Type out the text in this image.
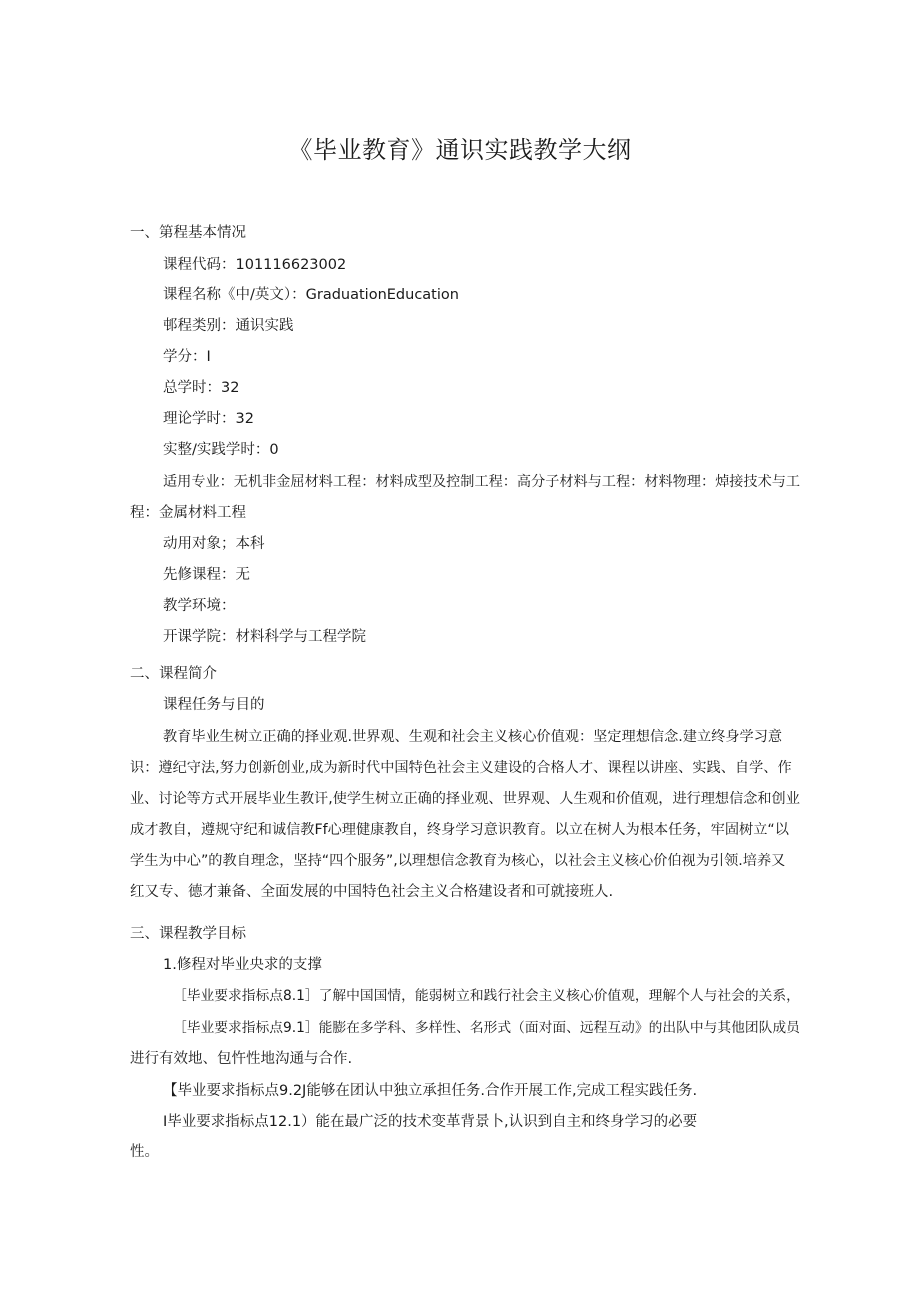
《毕业教育》通识实践教学大纲
一、第程基本情况
课程代码：101116623002
课程名称《中/英文）：GraduationEducation
邨程类别：通识实践
学分：I
总学时：32
理论学时：32
实整/实践学时：0
适用专业：无机非金屈材料工程：材料成型及控制工程：高分子材料与工程：材料物理：焯接技术与工
程：金属材料工程
动用对象；本科
先修课程：无
教学环境：
开课学院：材料科学与工程学院
二、课程简介
课程任务与目的
教育毕业生树立正确的择业观.世界观、生观和社会主义核心价值观：坚定理想信念.建立终身学习意
识：遵纪守法,努力创新创业,成为新时代中国特色社会主义建设的合格人才、课程以讲座、实践、自学、作
业、讨论等方式开展毕业生教讦,使学生树立正确的择业观、世界观、人生观和价值观，进行理想信念和创业
成才教自，遵规守纪和诚信教Ff心理健康教自，终身学习意识教育。以立在树人为根本任务，牢固树立“以
学生为中心”的教自理念，坚持“四个服务”,以理想信念教育为核心，以社会主义核心价伯视为引领.培养又
红又专、德才兼备、全面发展的中国特色社会主义合格建设者和可就接班人.
三、课程教学目标
1.修程对毕业央求的支撑
［毕业要求指标点8.1］了解中国国情，能弱树立和践行社会主义核心价值观，理解个人与社会的关系，
［毕业要求指标点9.1］能膨在多学科、多样性、名形式（面对面、远程互动》的出队中与其他团队成员
进行有效地、包忤性地沟通与合作.
【毕业要求指标点9.2J能够在团认中独立承担任务.合作开展工作,完成工程实践任务.
I毕业要求指标点12.1）能在最广泛的技术变革背景卜,认识到自主和终身学习的必要
性。
